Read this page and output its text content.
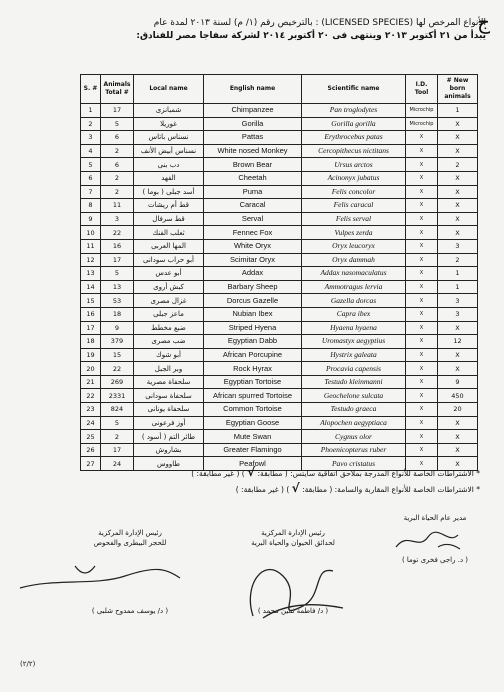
ج
الأنواع المرخص لها (LICENSED SPECIES) : بالترخيص رقم (١/ م) لسنة ٢٠١٣ لمدة عام
يبدأ من ٢١ أكتوبر ٢٠١٣ وينتهى فى ٢٠ أكتوبر ٢٠١٤ لشركة سفاجا مصر للفنادق:
S. #	Animals Total #	Local name	English name	Scientific name	I.D. Tool	# New born animals
1	17	شمبانزى	Chimpanzee	Pan troglodytes	Microchip	1
2	5	غوريلا	Gorilla	Gorilla gorilla	Microchip	X
3	6	نسناس باتاس	Pattas	Erythrocebus patas	X	X
4	2	نسناس أبيض الأنف	White nosed Monkey	Cercopithecus nictitans	X	X
5	6	دب بنى	Brown Bear	Ursus arctos	X	2
6	2	الفهد	Cheetah	Acinonyx jubatus	X	X
7	2	أسد جبلى ( بوما )	Puma	Felis concolor	X	X
8	11	قط أم ريشات	Caracal	Felis caracal	X	X
9	3	قط سرفال	Serval	Felis serval	X	X
10	22	ثعلب الفنك	Fennec Fox	Vulpes zerda	X	X
11	16	المها العربى	White Oryx	Oryx leucoryx	X	3
12	17	أبو حراب سودانى	Scimitar Oryx	Oryx dammah	X	2
13	5	أبو عدس	Addax	Addax nasomaculatus	X	1
14	13	كبش أروى	Barbary Sheep	Ammotragus lervia	X	1
15	53	غزال مصرى	Dorcus Gazelle	Gazella dorcas	X	3
16	18	ماعز جبلى	Nubian Ibex	Capra ibex	X	3
17	9	ضبع مخطط	Striped Hyena	Hyaena hyaena	X	X
18	379	ضب مصرى	Egyptian Dabb	Uromastyx aegyptius	X	12
19	15	أبو شوك	African Porcupine	Hystrix galeata	X	X
20	22	وبر الجبل	Rock Hyrax	Procavia capensis	X	X
21	269	سلحفاة مصرية	Egyptian Tortoise	Testudo kleinmanni	X	9
22	2331	سلحفاة سودانى	African spurred Tortoise	Geochelone sulcata	X	450
23	824	سلحفاة يونانى	Common Tortoise	Testudo graeca	X	20
24	5	أوز فرعونى	Egyptian Goose	Alopochen aegyptiaca	X	X
25	2	طائر التم ( أسود )	Mute Swan	Cygnus olor	X	X
26	17	بشاروش	Greater Flamingo	Phoenicopterus ruber	X	X
27	24	طاووس	Peafowl	Pavo cristatus	X	X
* الاشتراطات الخاصة للأنواع المدرجة بملاحق اتفاقية سايتس: ( مطابقة: √ ) ( غير مطابقة: )
* الاشتراطات الخاصة للأنواع المقاربة والسامة: ( مطابقة: √ ) ( غير مطابقة: )
مدير عام الحياة البرية
( د. راجى فخرى توما )
رئيس الإدارة المركزية
لحدائق الحيوان والحياة البرية
( د/ فاطمة ثمين محمد )
رئيس الإدارة المركزية
للحجر البيطرى والفحوص
( د/ يوسف ممدوح شلبى )
(٢/٢)
